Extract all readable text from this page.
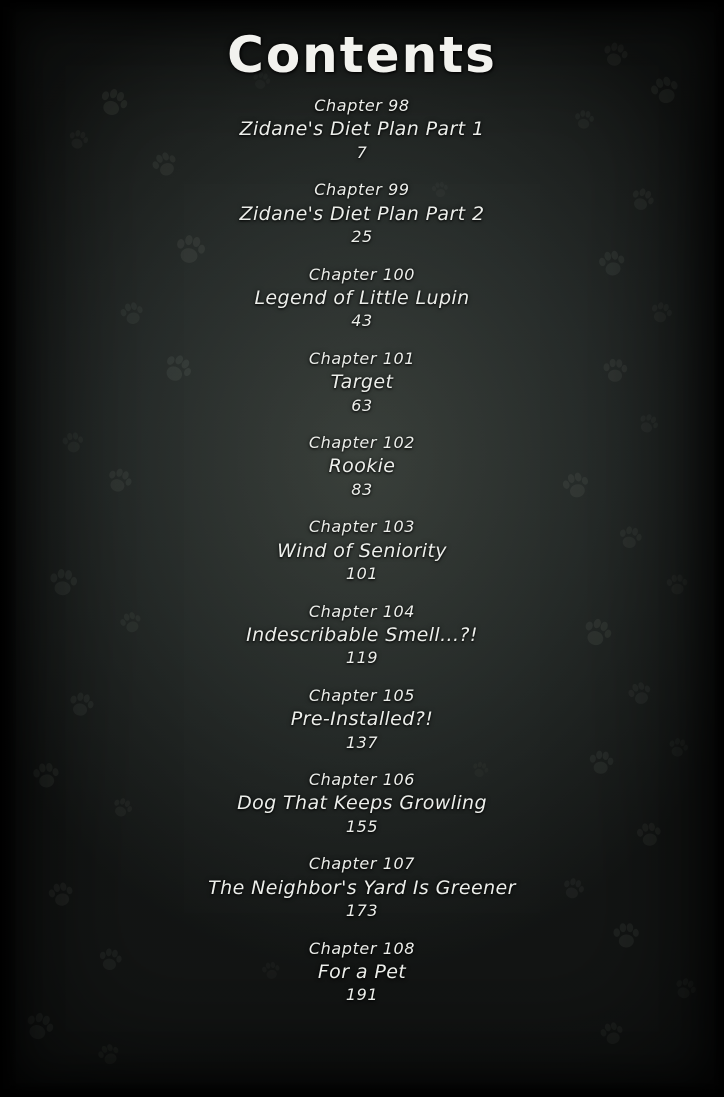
Contents
Chapter 98
Zidane's Diet Plan Part 1
7
Chapter 99
Zidane's Diet Plan Part 2
25
Chapter 100
Legend of Little Lupin
43
Chapter 101
Target
63
Chapter 102
Rookie
83
Chapter 103
Wind of Seniority
101
Chapter 104
Indescribable Smell...?!
119
Chapter 105
Pre-Installed?!
137
Chapter 106
Dog That Keeps Growling
155
Chapter 107
The Neighbor's Yard Is Greener
173
Chapter 108
For a Pet
191
